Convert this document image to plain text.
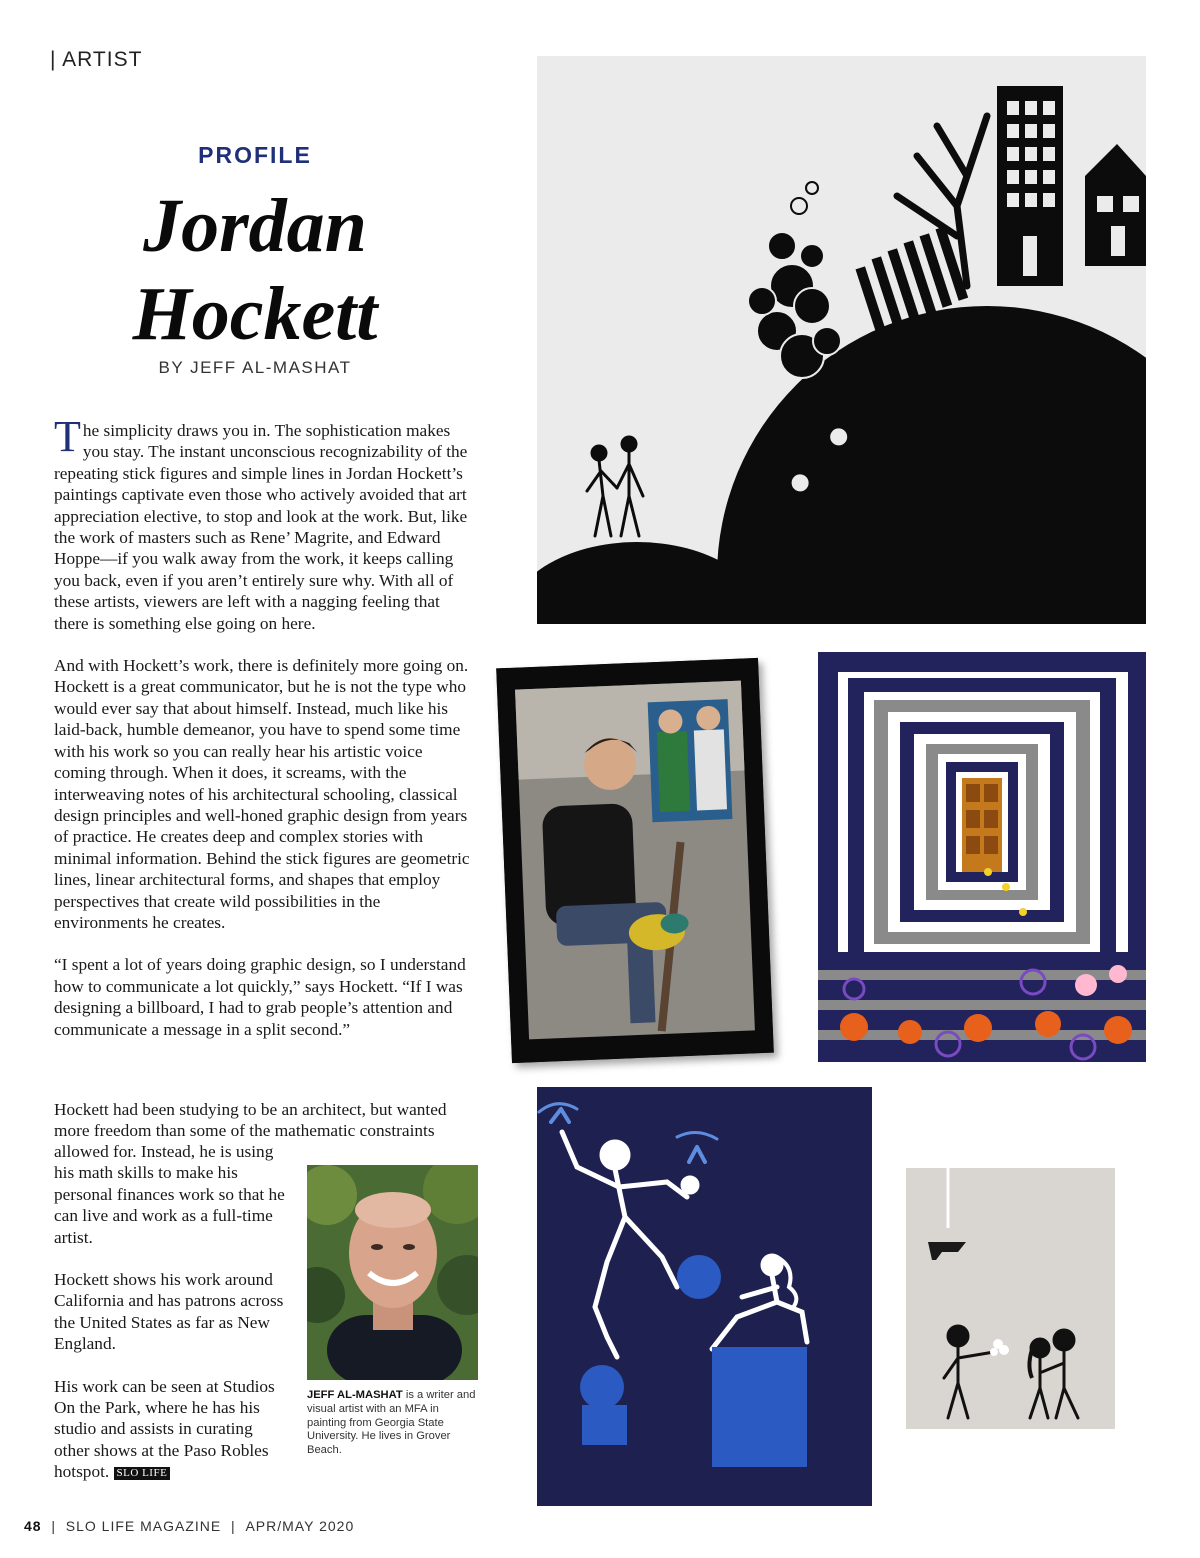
| ARTIST
PROFILE
Jordan
Hockett
BY JEFF AL-MASHAT

The simplicity draws you in. The sophistication makes you stay. The instant unconscious recognizability of the repeating stick figures and simple lines in Jordan Hockett’s paintings captivate even those who actively avoided that art appreciation elective, to stop and look at the work. But, like the work of masters such as Rene’ Magrite, and Edward Hoppe—if you walk away from the work, it keeps calling you back, even if you aren’t entirely sure why. With all of these artists, viewers are left with a nagging feeling that there is something else going on here.

And with Hockett’s work, there is definitely more going on. Hockett is a great communicator, but he is not the type who would ever say that about himself. Instead, much like his laid-back, humble demeanor, you have to spend some time with his work so you can really hear his artistic voice coming through. When it does, it screams, with the interweaving notes of his architectural schooling, classical design principles and well-honed graphic design from years of practice. He creates deep and complex stories with minimal information. Behind the stick figures are geometric lines, linear architectural forms, and shapes that employ perspectives that create wild possibilities in the environments he creates.

“I spent a lot of years doing graphic design, so I understand how to communicate a lot quickly,” says Hockett. “If I was designing a billboard, I had to grab people’s attention and communicate a message in a split second.”

Hockett had been studying to be an architect, but wanted more freedom than some of the mathematic constraints

allowed for. Instead, he is using his math skills to make his personal finances work so that he can live and work as a full-time artist.

Hockett shows his work around California and has patrons across the United States as far as New England.

His work can be seen at Studios On the Park, where he has his studio and assists in curating other shows at the Paso Robles hotspot. SLO LIFE

JEFF AL-MASHAT is a writer and visual artist with an MFA in painting from Georgia State University. He lives in Grover Beach.
48  |  SLO LIFE MAGAZINE  |  APR/MAY 2020
